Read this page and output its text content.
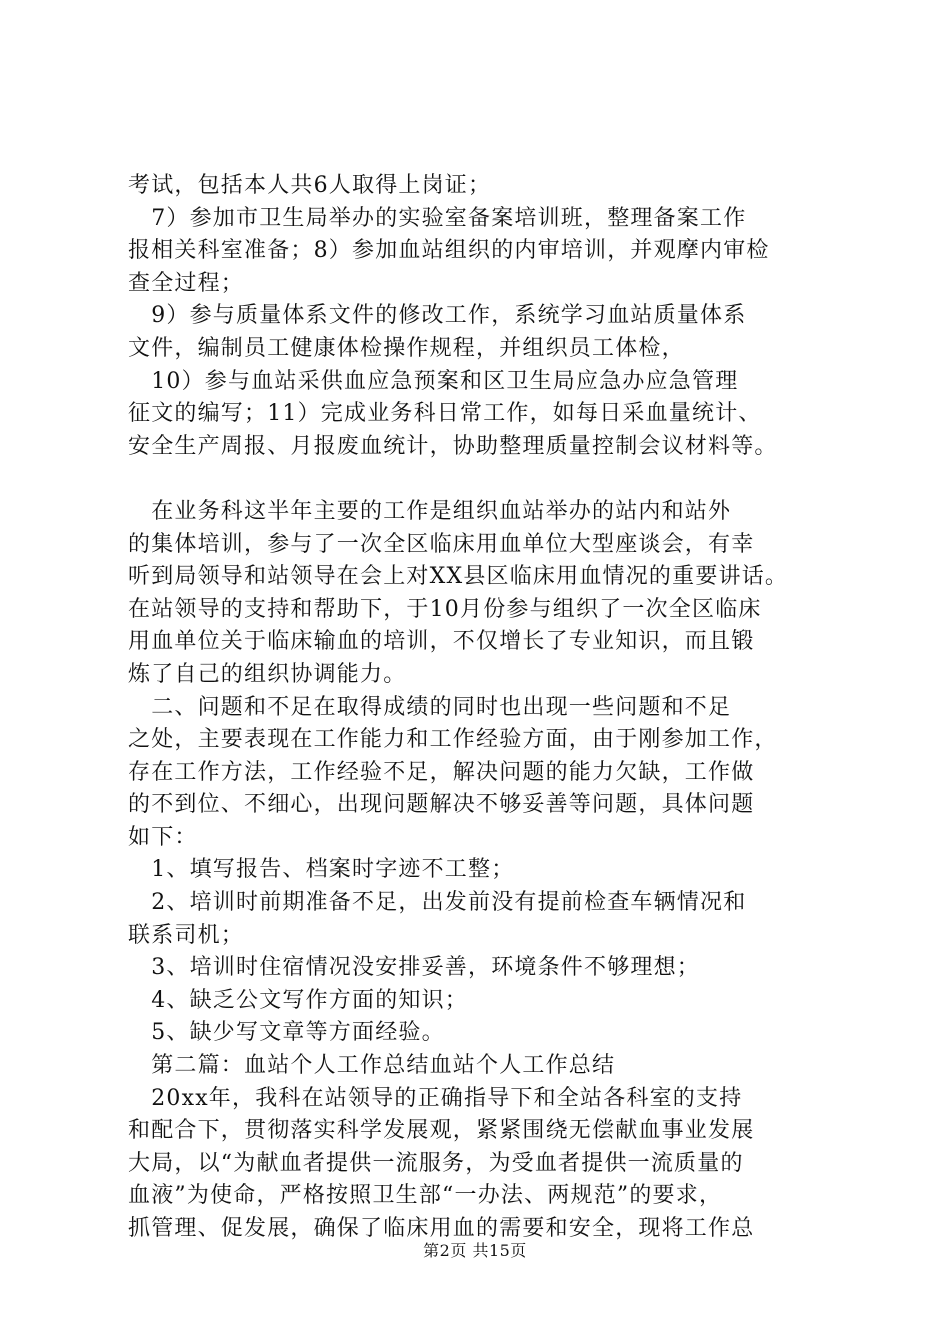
考试，包括本人共6人取得上岗证；
　7）参加市卫生局举办的实验室备案培训班，整理备案工作
报相关科室准备；8）参加血站组织的内审培训，并观摩内审检
查全过程；
　9）参与质量体系文件的修改工作，系统学习血站质量体系
文件，编制员工健康体检操作规程，并组织员工体检，
　10）参与血站采供血应急预案和区卫生局应急办应急管理
征文的编写；11）完成业务科日常工作，如每日采血量统计、
安全生产周报、月报废血统计，协助整理质量控制会议材料等。
　在业务科这半年主要的工作是组织血站举办的站内和站外
的集体培训，参与了一次全区临床用血单位大型座谈会，有幸
听到局领导和站领导在会上对XX县区临床用血情况的重要讲话。
在站领导的支持和帮助下，于10月份参与组织了一次全区临床
用血单位关于临床输血的培训，不仅增长了专业知识，而且锻
炼了自己的组织协调能力。
　二、问题和不足在取得成绩的同时也出现一些问题和不足
之处，主要表现在工作能力和工作经验方面，由于刚参加工作，
存在工作方法，工作经验不足，解决问题的能力欠缺，工作做
的不到位、不细心，出现问题解决不够妥善等问题，具体问题
如下：
　1、填写报告、档案时字迹不工整；
　2、培训时前期准备不足，出发前没有提前检查车辆情况和
联系司机；
　3、培训时住宿情况没安排妥善，环境条件不够理想；
　4、缺乏公文写作方面的知识；
　5、缺少写文章等方面经验。
　第二篇：血站个人工作总结血站个人工作总结
　20xx年，我科在站领导的正确指导下和全站各科室的支持
和配合下，贯彻落实科学发展观，紧紧围绕无偿献血事业发展
大局，以“为献血者提供一流服务，为受血者提供一流质量的
血液”为使命，严格按照卫生部“一办法、两规范”的要求，
抓管理、促发展，确保了临床用血的需要和安全，现将工作总
第2页 共15页
